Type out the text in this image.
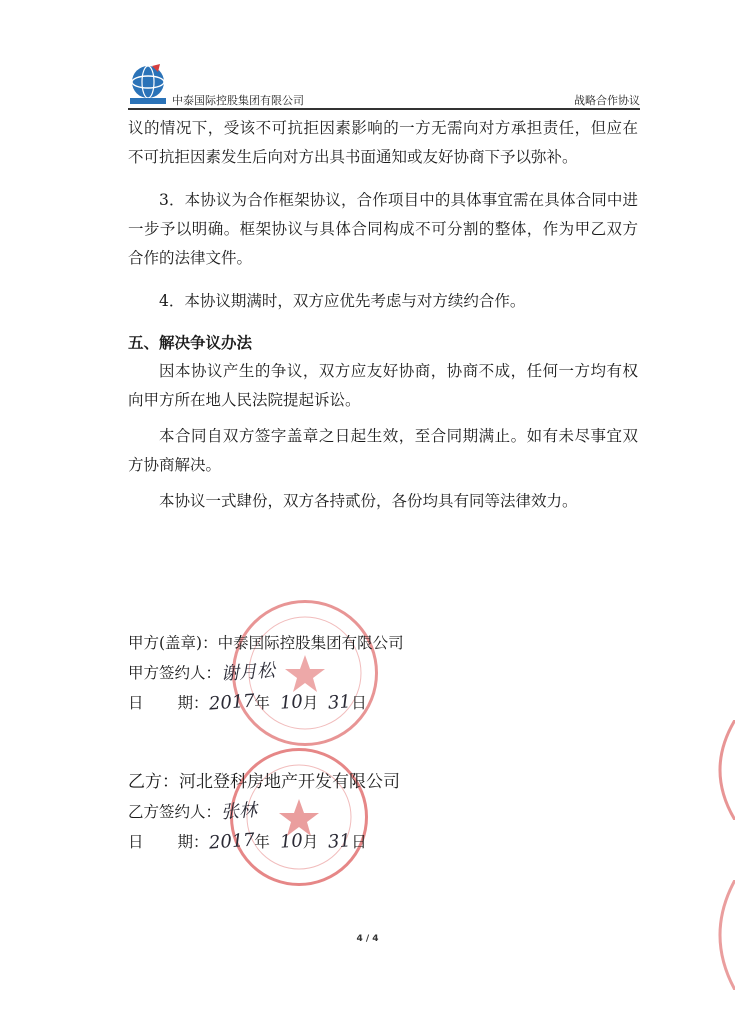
中泰国际控股集团有限公司	战略合作协议

议的情况下，受该不可抗拒因素影响的一方无需向对方承担责任，但应在不可抗拒因素发生后向对方出具书面通知或友好协商下予以弥补。

3．本协议为合作框架协议，合作项目中的具体事宜需在具体合同中进一步予以明确。框架协议与具体合同构成不可分割的整体，作为甲乙双方合作的法律文件。

4．本协议期满时，双方应优先考虑与对方续约合作。

五、解决争议办法

因本协议产生的争议，双方应友好协商，协商不成，任何一方均有权向甲方所在地人民法院提起诉讼。

本合同自双方签字盖章之日起生效，至合同期满止。如有未尽事宜双方协商解决。

本协议一式肆份，双方各持贰份，各份均具有同等法律效力。

甲方(盖章)： 中泰国际控股集团有限公司
甲方签约人： 谢月松
日 期： 2017 年 10 月 31 日
乙方： 河北登科房地产开发有限公司
乙方签约人： 张林
日 期： 2017 年 10 月 31 日
4 / 4
